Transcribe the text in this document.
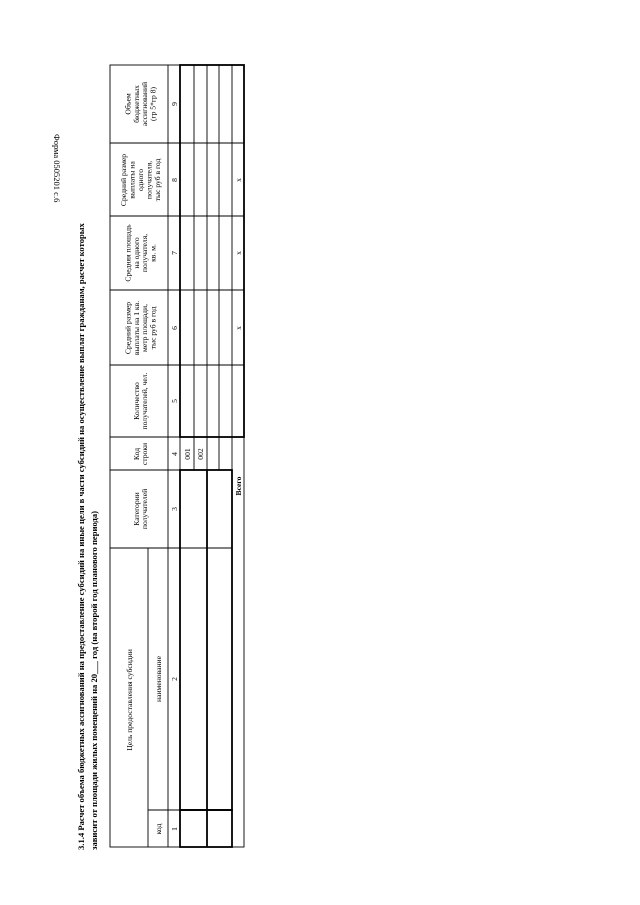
Форма 0505201 с.6
3.1.4 Расчет объема бюджетных ассигнований на предоставление субсидий на иные цели в части субсидий на осуществление выплат гражданам, расчет которых зависит от площади жилых помещений на 20___ год (на второй год планового периода)	Цель предоставления субсидии
код
наименование
Категории получателей
Код строки
Количество получателей, чел.
Средний размер выплаты на 1 кв. метр площади, тыс руб в год
Средняя площадь на одного получателя, кв. м.
Средний размер выплаты на одного получателя, тыс руб в год
Объем бюджетных ассигнований (гр 5*гр 8)
1
2
3
4
5
6
7
8
9
001 002
x
x
x
Всего
